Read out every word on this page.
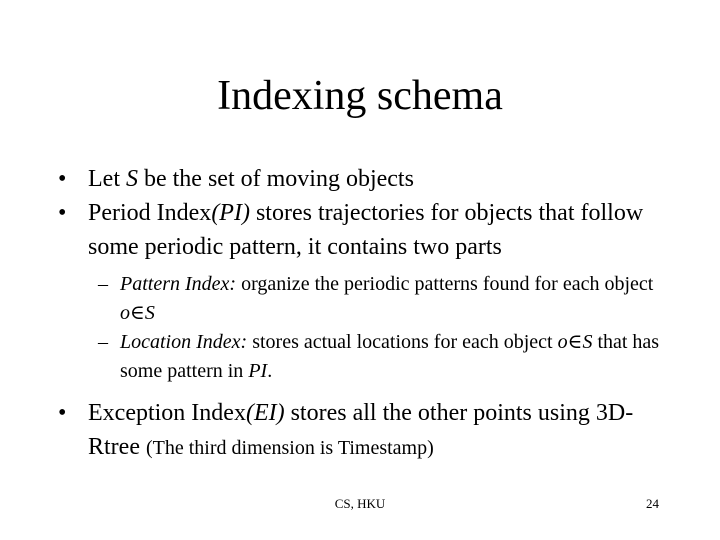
Indexing schema
• Let S be the set of moving objects
• Period Index(PI) stores trajectories for objects that follow some periodic pattern, it contains two parts
– Pattern Index: organize the periodic patterns found for each object o∈S
– Location Index: stores actual locations for each object o∈S that has some pattern in PI.
• Exception Index(EI) stores all the other points using 3D-Rtree (The third dimension is Timestamp)
CS, HKU	24
